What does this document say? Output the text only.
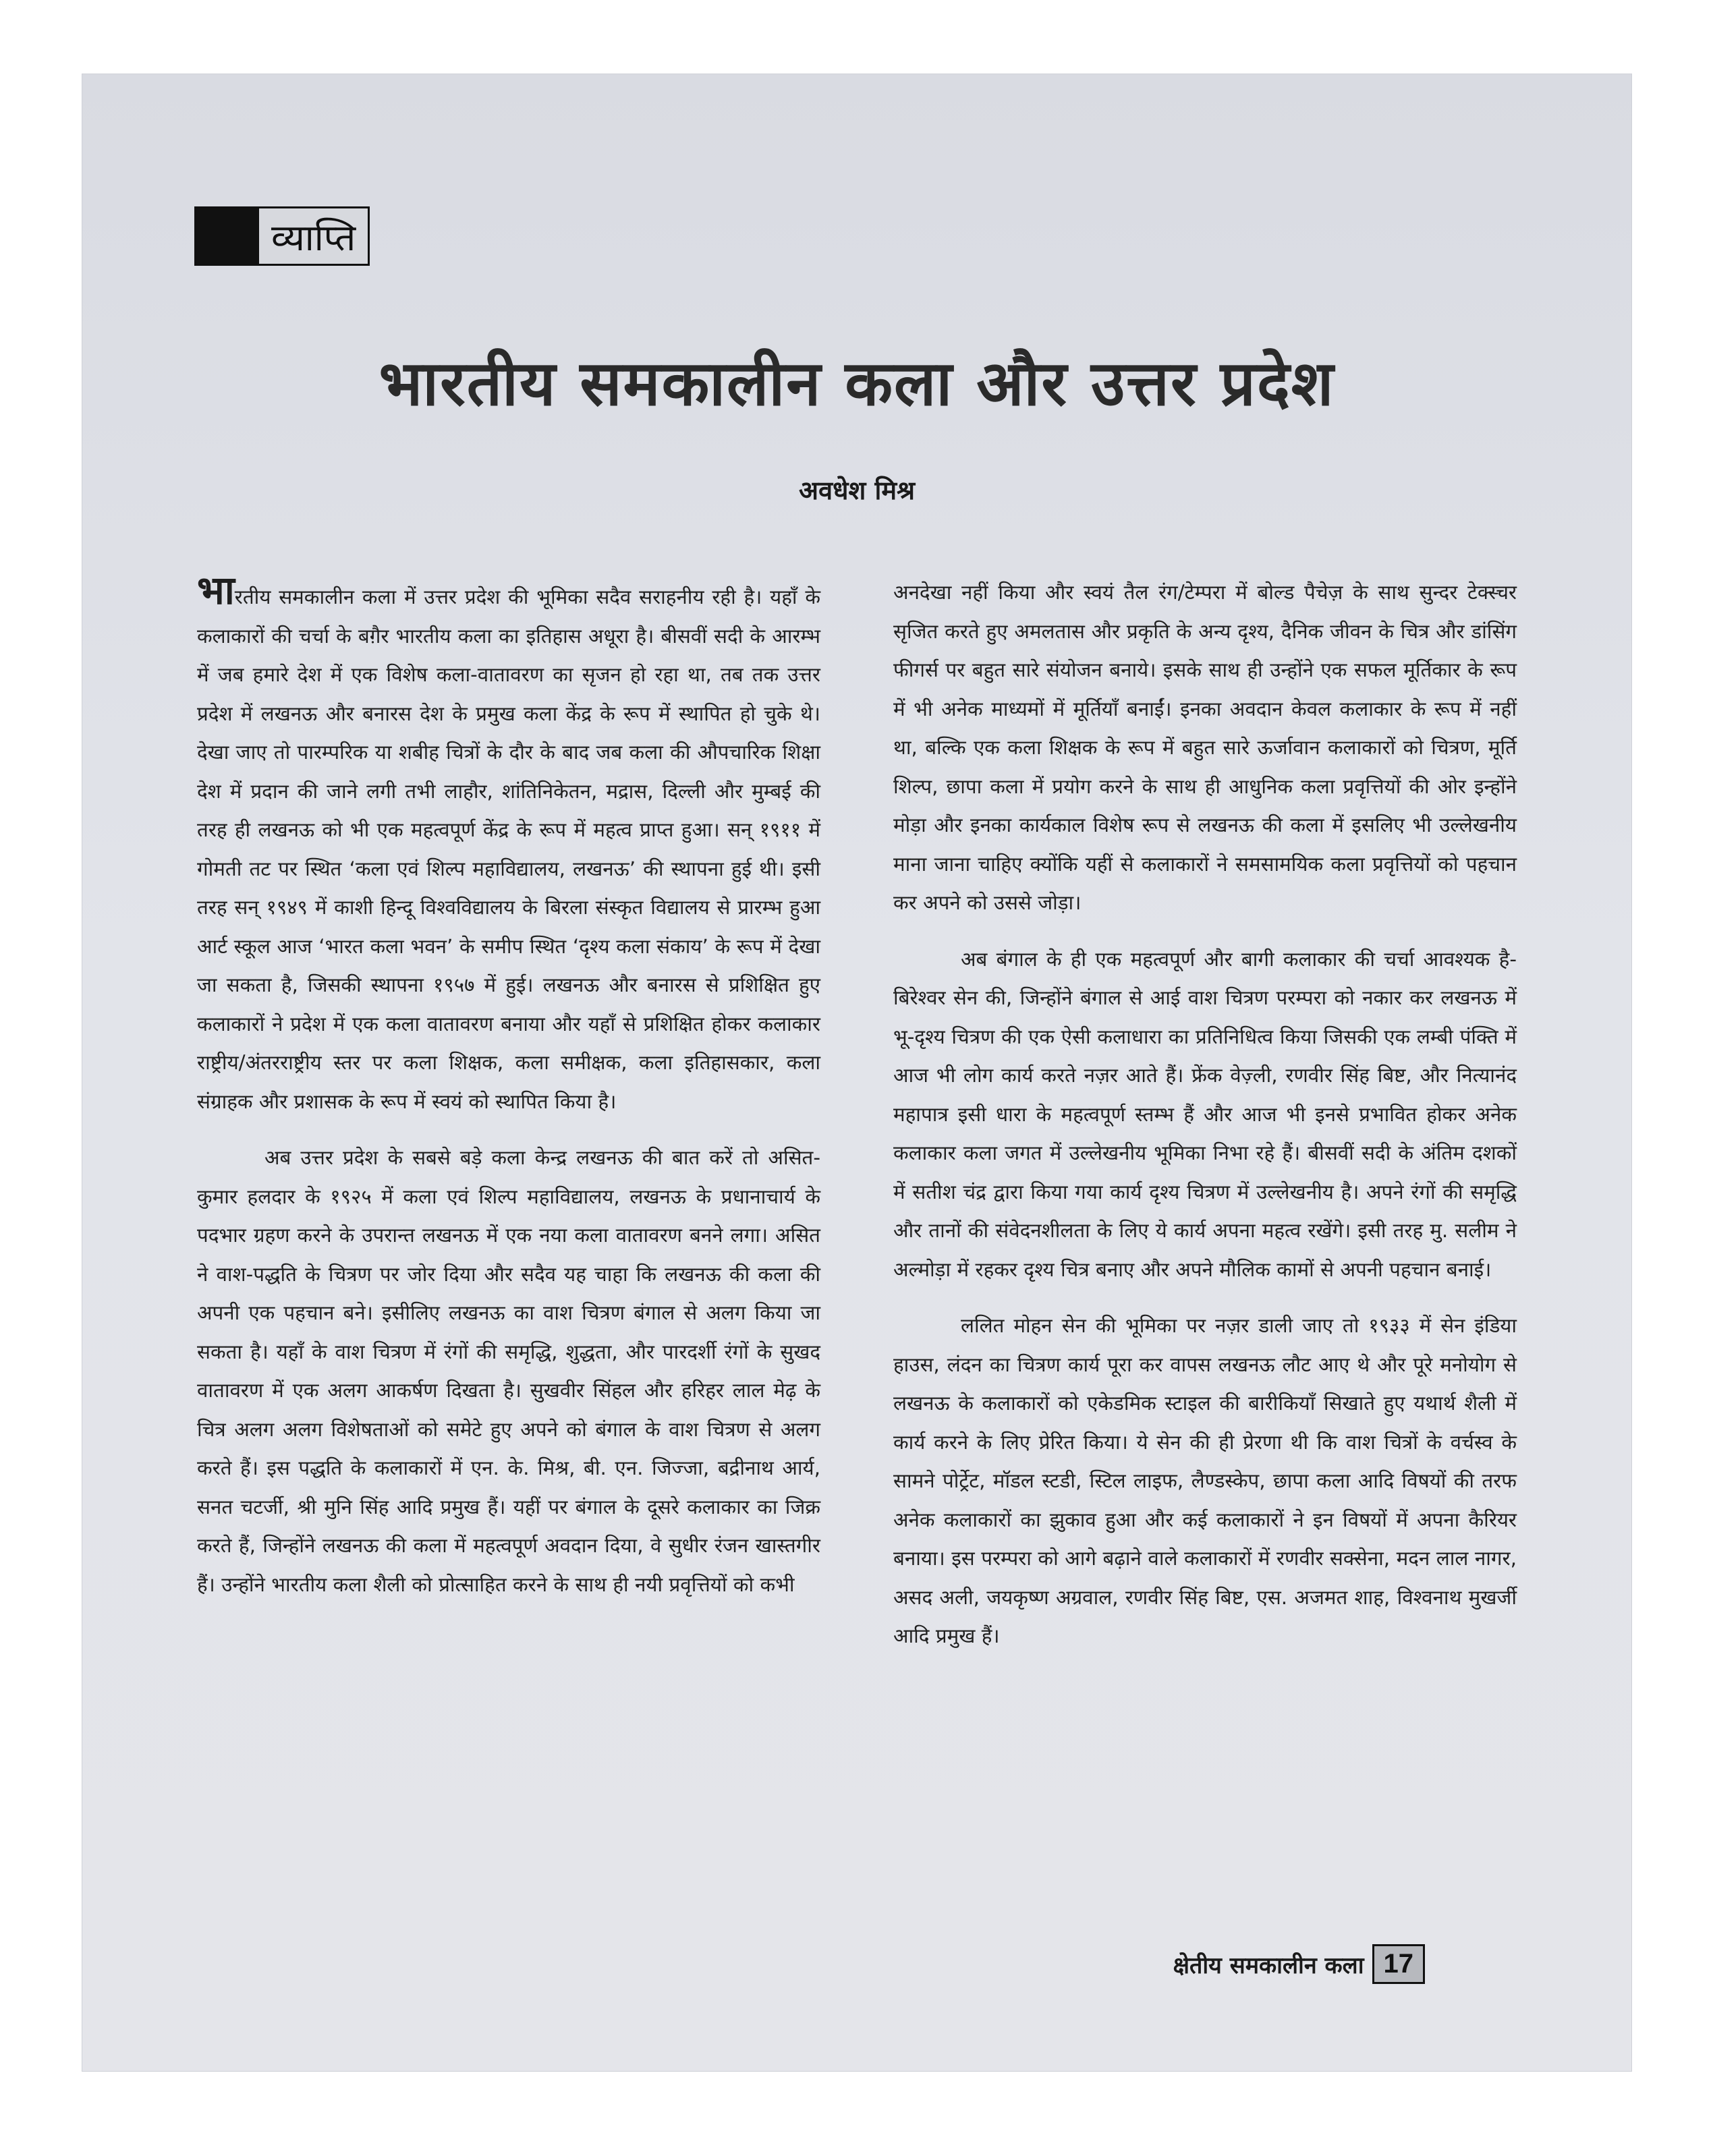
व्याप्ति
भारतीय समकालीन कला और उत्तर प्रदेश
अवधेश मिश्र

भारतीय समकालीन कला में उत्तर प्रदेश की भूमिका सदैव सराहनीय रही है। यहाँ के कलाकारों की चर्चा के बग़ैर भारतीय कला का इतिहास अधूरा है। बीसवीं सदी के आरम्भ में जब हमारे देश में एक विशेष कला-वातावरण का सृजन हो रहा था, तब तक उत्तर प्रदेश में लखनऊ और बनारस देश के प्रमुख कला केंद्र के रूप में स्थापित हो चुके थे। देखा जाए तो पारम्परिक या शबीह चित्रों के दौर के बाद जब कला की औपचारिक शिक्षा देश में प्रदान की जाने लगी तभी लाहौर, शांतिनिकेतन, मद्रास, दिल्ली और मुम्बई की तरह ही लखनऊ को भी एक महत्वपूर्ण केंद्र के रूप में महत्व प्राप्त हुआ। सन् १९११ में गोमती तट पर स्थित ‘कला एवं शिल्प महाविद्यालय, लखनऊ’ की स्थापना हुई थी। इसी तरह सन् १९४९ में काशी हिन्दू विश्वविद्यालय के बिरला संस्कृत विद्यालय से प्रारम्भ हुआ आर्ट स्कूल आज ‘भारत कला भवन’ के समीप स्थित ‘दृश्य कला संकाय’ के रूप में देखा जा सकता है, जिसकी स्थापना १९५७ में हुई। लखनऊ और बनारस से प्रशिक्षित हुए कलाकारों ने प्रदेश में एक कला वातावरण बनाया और यहाँ से प्रशिक्षित होकर कलाकार राष्ट्रीय/अंतरराष्ट्रीय स्तर पर कला शिक्षक, कला समीक्षक, कला इतिहासकार, कला संग्राहक और प्रशासक के रूप में स्वयं को स्थापित किया है।

अब उत्तर प्रदेश के सबसे बड़े कला केन्द्र लखनऊ की बात करें तो असित-कुमार हलदार के १९२५ में कला एवं शिल्प महाविद्यालय, लखनऊ के प्रधानाचार्य के पदभार ग्रहण करने के उपरान्त लखनऊ में एक नया कला वातावरण बनने लगा। असित ने वाश-पद्धति के चित्रण पर जोर दिया और सदैव यह चाहा कि लखनऊ की कला की अपनी एक पहचान बने। इसीलिए लखनऊ का वाश चित्रण बंगाल से अलग किया जा सकता है। यहाँ के वाश चित्रण में रंगों की समृद्धि, शुद्धता, और पारदर्शी रंगों के सुखद वातावरण में एक अलग आकर्षण दिखता है। सुखवीर सिंहल और हरिहर लाल मेढ़ के चित्र अलग अलग विशेषताओं को समेटे हुए अपने को बंगाल के वाश चित्रण से अलग करते हैं। इस पद्धति के कलाकारों में एन. के. मिश्र, बी. एन. जिज्जा, बद्रीनाथ आर्य, सनत चटर्जी, श्री मुनि सिंह आदि प्रमुख हैं। यहीं पर बंगाल के दूसरे कलाकार का जिक्र करते हैं, जिन्होंने लखनऊ की कला में महत्वपूर्ण अवदान दिया, वे सुधीर रंजन खास्तगीर हैं। उन्होंने भारतीय कला शैली को प्रोत्साहित करने के साथ ही नयी प्रवृत्तियों को कभी

अनदेखा नहीं किया और स्वयं तैल रंग/टेम्परा में बोल्ड पैचेज़ के साथ सुन्दर टेक्स्चर सृजित करते हुए अमलतास और प्रकृति के अन्य दृश्य, दैनिक जीवन के चित्र और डांसिंग फीगर्स पर बहुत सारे संयोजन बनाये। इसके साथ ही उन्होंने एक सफल मूर्तिकार के रूप में भी अनेक माध्यमों में मूर्तियाँ बनाईं। इनका अवदान केवल कलाकार के रूप में नहीं था, बल्कि एक कला शिक्षक के रूप में बहुत सारे ऊर्जावान कलाकारों को चित्रण, मूर्ति शिल्प, छापा कला में प्रयोग करने के साथ ही आधुनिक कला प्रवृत्तियों की ओर इन्होंने मोड़ा और इनका कार्यकाल विशेष रूप से लखनऊ की कला में इसलिए भी उल्लेखनीय माना जाना चाहिए क्योंकि यहीं से कलाकारों ने समसामयिक कला प्रवृत्तियों को पहचान कर अपने को उससे जोड़ा।

अब बंगाल के ही एक महत्वपूर्ण और बागी कलाकार की चर्चा आवश्यक है-बिरेश्वर सेन की, जिन्होंने बंगाल से आई वाश चित्रण परम्परा को नकार कर लखनऊ में भू-दृश्य चित्रण की एक ऐसी कलाधारा का प्रतिनिधित्व किया जिसकी एक लम्बी पंक्ति में आज भी लोग कार्य करते नज़र आते हैं। फ्रेंक वेज़्ली, रणवीर सिंह बिष्ट, और नित्यानंद महापात्र इसी धारा के महत्वपूर्ण स्तम्भ हैं और आज भी इनसे प्रभावित होकर अनेक कलाकार कला जगत में उल्लेखनीय भूमिका निभा रहे हैं। बीसवीं सदी के अंतिम दशकों में सतीश चंद्र द्वारा किया गया कार्य दृश्य चित्रण में उल्लेखनीय है। अपने रंगों की समृद्धि और तानों की संवेदनशीलता के लिए ये कार्य अपना महत्व रखेंगे। इसी तरह मु. सलीम ने अल्मोड़ा में रहकर दृश्य चित्र बनाए और अपने मौलिक कामों से अपनी पहचान बनाई।

ललित मोहन सेन की भूमिका पर नज़र डाली जाए तो १९३३ में सेन इंडिया हाउस, लंदन का चित्रण कार्य पूरा कर वापस लखनऊ लौट आए थे और पूरे मनोयोग से लखनऊ के कलाकारों को एकेडमिक स्टाइल की बारीकियाँ सिखाते हुए यथार्थ शैली में कार्य करने के लिए प्रेरित किया। ये सेन की ही प्रेरणा थी कि वाश चित्रों के वर्चस्व के सामने पोर्ट्रेट, मॉडल स्टडी, स्टिल लाइफ, लैण्डस्केप, छापा कला आदि विषयों की तरफ अनेक कलाकारों का झुकाव हुआ और कई कलाकारों ने इन विषयों में अपना कैरियर बनाया। इस परम्परा को आगे बढ़ाने वाले कलाकारों में रणवीर सक्सेना, मदन लाल नागर, असद अली, जयकृष्ण अग्रवाल, रणवीर सिंह बिष्ट, एस. अजमत शाह, विश्वनाथ मुखर्जी आदि प्रमुख हैं।

क्षेतीय समकालीन कला 17
